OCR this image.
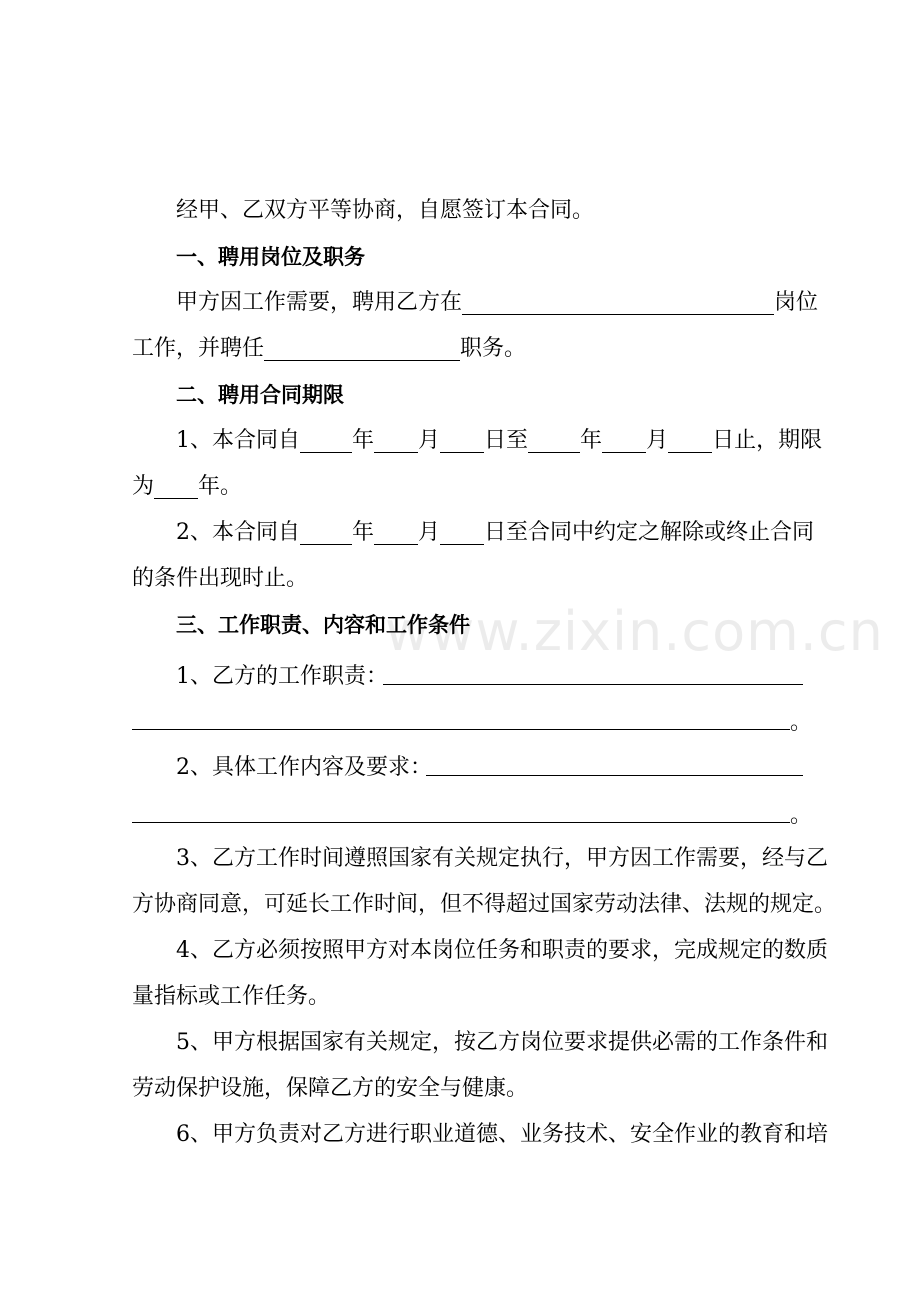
www.zixin.com.cn
经甲、乙双方平等协商，自愿签订本合同。
一、聘用岗位及职务
甲方因工作需要，聘用乙方在	岗位
工作，并聘任	职务。
二、聘用合同期限
1、本合同自 年 月 日至 年 月 日止，期限
为 年。
2、本合同自 年 月 日至合同中约定之解除或终止合同
的条件出现时止。
三、工作职责、内容和工作条件
1、乙方的工作职责：
。
2、具体工作内容及要求：
。
3、乙方工作时间遵照国家有关规定执行，甲方因工作需要，经与乙
方协商同意，可延长工作时间，但不得超过国家劳动法律、法规的规定。
4、乙方必须按照甲方对本岗位任务和职责的要求，完成规定的数质
量指标或工作任务。
5、甲方根据国家有关规定，按乙方岗位要求提供必需的工作条件和
劳动保护设施，保障乙方的安全与健康。
6、甲方负责对乙方进行职业道德、业务技术、安全作业的教育和培
